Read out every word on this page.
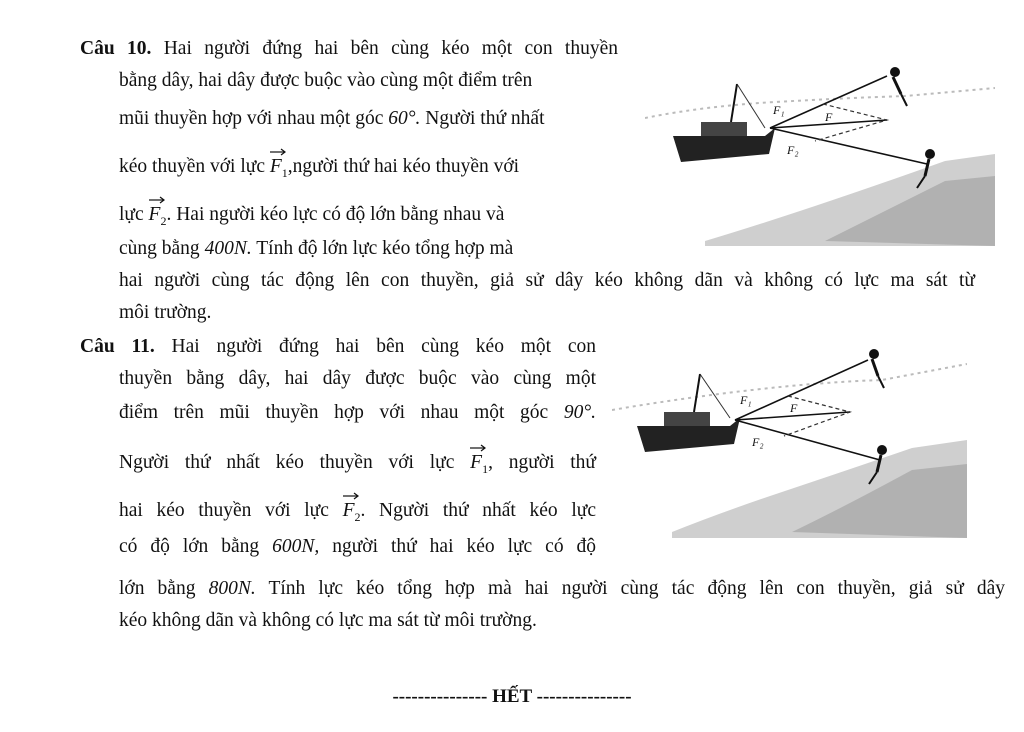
Câu 10. Hai người đứng hai bên cùng kéo một con thuyền
bằng dây, hai dây được buộc vào cùng một điểm trên
mũi thuyền hợp với nhau một góc 60°. Người thứ nhất
kéo thuyền với lực $F_1,người$ thứ hai kéo thuyền với
lực $F_2$. Hai người kéo lực có độ lớn bằng nhau và
cùng bằng 400N. Tính độ lớn lực kéo tổng hợp mà
hai người cùng tác động lên con thuyền, giả sử dây kéo không dãn và không có lực ma sát từ
môi trường.
F₁	F
F₂
Câu 11. Hai người đứng hai bên cùng kéo một con
thuyền bằng dây, hai dây được buộc vào cùng một
điểm trên mũi thuyền hợp với nhau một góc 90°.
Người thứ nhất kéo thuyền với lực $F_1$, người thứ
hai kéo thuyền với lực $F_2$. Người thứ nhất kéo lực
có độ lớn bằng 600N, người thứ hai kéo lực có độ
lớn bằng 800N. Tính lực kéo tổng hợp mà hai người cùng tác động lên con thuyền, giả sử dây
kéo không dãn và không có lực ma sát từ môi trường.
F₁
F
F₂
--------------- HẾT ---------------
